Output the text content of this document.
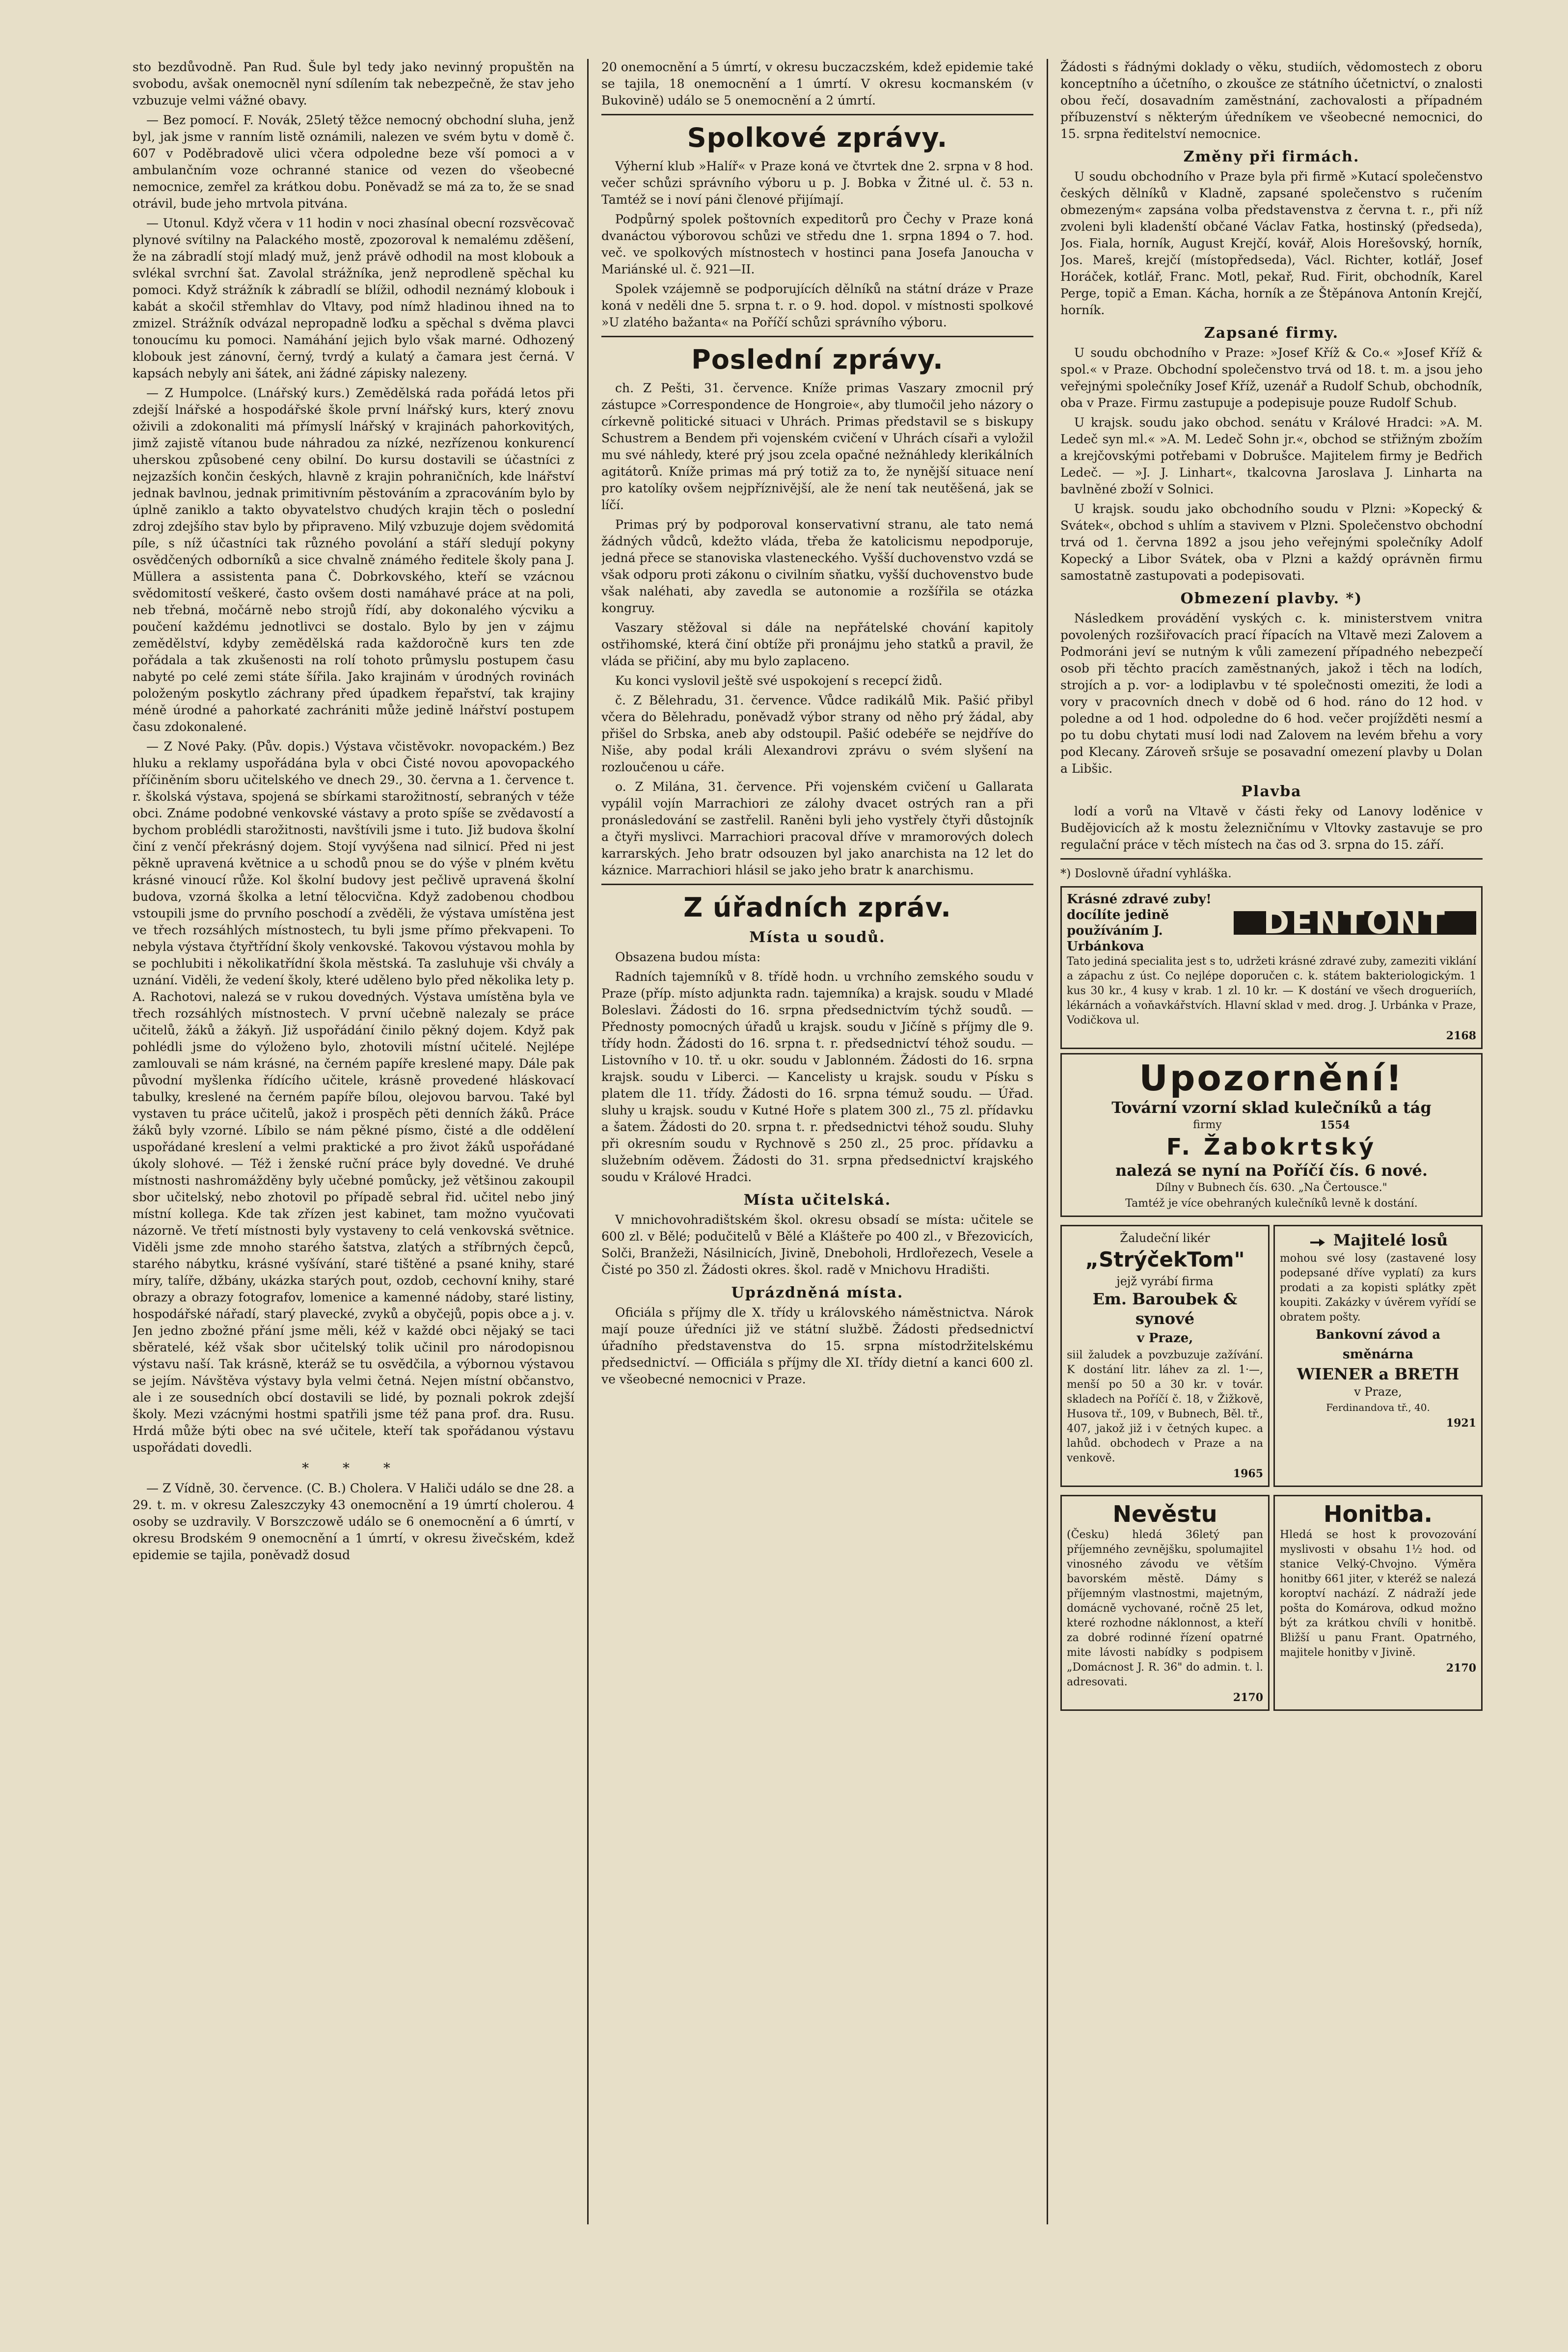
sto bezdůvodně. Pan Rud. Šule byl tedy jako nevinný propuštěn na svobodu, avšak onemocněl nyní sdílením tak nebezpečně, že stav jeho vzbuzuje velmi vážné obavy.

— Bez pomocí. F. Novák, 25letý těžce nemocný obchodní sluha, jenž byl, jak jsme v ranním listě oznámili, nalezen ve svém bytu v domě č. 607 v Poděbradově ulici včera odpoledne beze vší pomoci a v ambulančním voze ochranné stanice od vezen do všeobecné nemocnice, zemřel za krátkou dobu. Poněvadž se má za to, že se snad otrávil, bude jeho mrtvola pitvána.

— Utonul. Když včera v 11 hodin v noci zhasínal obecní rozsvěcovač plynové svítilny na Palackého mostě, zpozoroval k nemalému zděšení, že na zábradlí stojí mladý muž, jenž právě odhodil na most klobouk a svlékal svrchní šat. Zavolal strážníka, jenž neprodleně spěchal ku pomoci. Když strážník k zábradlí se blížil, odhodil neznámý klobouk i kabát a skočil střemhlav do Vltavy, pod nímž hladinou ihned na to zmizel. Strážník odvázal nepropadně loďku a spěchal s dvěma plavci tonoucímu ku pomoci. Namáhání jejich bylo však marné. Odhozený klobouk jest zánovní, černý, tvrdý a kulatý a čamara jest černá. V kapsách nebyly ani šátek, ani žádné zápisky nalezeny.

— Z Humpolce. (Lnářský kurs.) Zemědělská rada pořádá letos při zdejší lnářské a hospodářské škole první lnářský kurs, který znovu oživili a zdokonaliti má přímyslí lnářský v krajinách pahorkovitých, jimž zajistě vítanou bude náhradou za nízké, nezřízenou konkurencí uherskou způsobené ceny obilní. Do kursu dostavili se účastníci z nejzazších končin českých, hlavně z krajin pohraničních, kde lnářství jednak bavlnou, jednak primitivním pěstováním a zpracováním bylo by úplně zaniklo a takto obyvatelstvo chudých krajin těch o poslední zdroj zdejšího stav bylo by připraveno. Milý vzbuzuje dojem svědomitá píle, s níž účastníci tak různého povolání a stáří sledují pokyny osvědčených odborníků a sice chvalně známého ředitele školy pana J. Müllera a assistenta pana Č. Dobrkovského, kteří se vzácnou svědomitostí veškeré, často ovšem dosti namáhavé práce at na poli, neb třebná, močárně nebo strojů řídí, aby dokonalého výcviku a poučení každému jednotlivci se dostalo. Bylo by jen v zájmu zemědělství, kdyby zemědělská rada každoročně kurs ten zde pořádala a tak zkušenosti na rolí tohoto průmyslu postupem času nabyté po celé zemi státe šířila. Jako krajinám v úrodných rovinách položeným poskytlo záchrany před úpadkem řepařství, tak krajiny méně úrodné a pahorkaté zachrániti může jedině lnářství postupem času zdokonalené.

— Z Nové Paky. (Pův. dopis.) Výstava včistěvokr. novopackém.) Bez hluku a reklamy uspořádána byla v obci Čisté novou apovopackého příčiněním sboru učitelského ve dnech 29., 30. června a 1. července t. r. školská výstava, spojená se sbírkami starožitností, sebraných v téže obci. Známe podobné venkovské vástavy a proto spíše se zvědavostí a bychom problédli starožitnosti, navštívili jsme i tuto. Již budova školní činí z venčí překrásný dojem. Stojí vyvýšena nad silnicí. Před ni jest pěkně upravená květnice a u schodů pnou se do výše v plném květu krásné vinoucí růže. Kol školní budovy jest pečlivě upravená školní budova, vzorná školka a letní tělocvična. Když zadobenou chodbou vstoupili jsme do prvního poschodí a zvěděli, že výstava umístěna jest ve třech rozsáhlých místnostech, tu byli jsme přímo překvapeni. To nebyla výstava čtyřtřídní školy venkovské. Takovou výstavou mohla by se pochlubiti i několikatřídní škola městská. Ta zasluhuje vši chvály a uznání. Viděli, že vedení školy, které uděleno bylo před několika lety p. A. Rachotovi, nalezá se v rukou dovedných. Výstava umístěna byla ve třech rozsáhlých místnostech. V první učebně nalezaly se práce učitelů, žáků a žákyň. Již uspořádání činilo pěkný dojem. Když pak pohlédli jsme do výloženo bylo, zhotovili místní učitelé. Nejlépe zamlouvali se nám krásné, na černém papíře kreslené mapy. Dále pak původní myšlenka řídícího učitele, krásně provedené hláskovací tabulky, kreslené na černém papíře bílou, olejovou barvou. Také byl vystaven tu práce učitelů, jakož i prospěch pěti denních žáků. Práce žáků byly vzorné. Líbilo se nám pěkné písmo, čisté a dle oddělení uspořádané kreslení a velmi praktické a pro život žáků uspořádané úkoly slohové. — Též i ženské ruční práce byly dovedné. Ve druhé místnosti nashromážděny byly učebné pomůcky, jež většinou zakoupil sbor učitelský, nebo zhotovil po případě sebral řid. učitel nebo jiný místní kollega. Kde tak zřízen jest kabinet, tam možno vyučovati názorně. Ve třetí místnosti byly vystaveny to celá venkovská světnice. Viděli jsme zde mnoho starého šatstva, zlatých a stříbrných čepců, starého nábytku, krásné vyšívání, staré tištěné a psané knihy, staré míry, talíře, džbány, ukázka starých pout, ozdob, cechovní knihy, staré obrazy a obrazy fotografov, lomenice a kamenné nádoby, staré listiny, hospodářské nářadí, starý plavecké, zvyků a obyčejů, popis obce a j. v. Jen jedno zbožné přání jsme měli, kéž v každé obci nějaký se taci sběratelé, kéž však sbor učitelský tolik učinil pro národopisnou výstavu naší. Tak krásně, kteráž se tu osvědčila, a výbornou výstavou se jejím. Návštěva výstavy byla velmi četná. Nejen místní občanstvo, ale i ze sousedních obcí dostavili se lidé, by poznali pokrok zdejší školy. Mezi vzácnými hostmi spatřili jsme též pana prof. dra. Rusu. Hrdá může býti obec na své učitele, kteří tak spořádanou výstavu uspořádati dovedli.

* * *

— Z Vídně, 30. července. (C. B.) Cholera. V Haliči událo se dne 28. a 29. t. m. v okresu Zaleszczyky 43 onemocnění a 19 úmrtí cholerou. 4 osoby se uzdravily. V Borszczowě událo se 6 onemocnění a 6 úmrtí, v okresu Brodském 9 onemocnění a 1 úmrtí, v okresu živečském, kdež epidemie se tajila, poněvadž dosud

20 onemocnění a 5 úmrtí, v okresu buczaczském, kdež epidemie také se tajila, 18 onemocnění a 1 úmrtí. V okresu kocmanském (v Bukovině) událo se 5 onemocnění a 2 úmrtí.

Spolkové zprávy.

Výherní klub »Halíř« v Praze koná ve čtvrtek dne 2. srpna v 8 hod. večer schůzi správního výboru u p. J. Bobka v Žitné ul. č. 53 n. Tamtéž se i noví páni členové přijímají.

Podpůrný spolek poštovních expeditorů pro Čechy v Praze koná dvanáctou výborovou schůzi ve středu dne 1. srpna 1894 o 7. hod. več. ve spolkových místnostech v hostinci pana Josefa Janoucha v Mariánské ul. č. 921—II.

Spolek vzájemně se podporujících dělníků na státní dráze v Praze koná v neděli dne 5. srpna t. r. o 9. hod. dopol. v místnosti spolkové »U zlatého bažanta« na Poříčí schůzi správního výboru.

Poslední zprávy.

ch. Z Pešti, 31. července. Kníže primas Vaszary zmocnil prý zástupce »Correspondence de Hongroie«, aby tlumočil jeho názory o církevně politické situaci v Uhrách. Primas představil se s biskupy Schustrem a Bendem při vojenském cvičení v Uhrách císaři a vyložil mu své náhledy, které prý jsou zcela opačné nežnáhledy klerikálních agitátorů. Kníže primas má prý totiž za to, že nynější situace není pro katolíky ovšem nejpříznivější, ale že není tak neutěšená, jak se líčí.

Primas prý by podporoval konservativní stranu, ale tato nemá žádných vůdců, kdežto vláda, třeba že katolicismu nepodporuje, jedná přece se stanoviska vlasteneckého. Vyšší duchovenstvo vzdá se však odporu proti zákonu o civilním sňatku, vyšší duchovenstvo bude však naléhati, aby zavedla se autonomie a rozšířila se otázka kongruy.

Vaszary stěžoval si dále na nepřátelské chování kapitoly ostřihomské, která činí obtíže při pronájmu jeho statků a pravil, že vláda se přičiní, aby mu bylo zaplaceno.

Ku konci vyslovil ještě své uspokojení s recepcí židů.

č. Z Bělehradu, 31. července. Vůdce radikálů Mik. Pašić přibyl včera do Bělehradu, poněvadž výbor strany od něho prý žádal, aby přišel do Srbska, aneb aby odstoupil. Pašić odebéře se nejdříve do Niše, aby podal králi Alexandrovi zprávu o svém slyšení na rozloučenou u cáře.

o. Z Milána, 31. července. Při vojenském cvičení u Gallarata vypálil vojín Marrachiori ze zálohy dvacet ostrých ran a při pronásledování se zastřelil. Raněni byli jeho vystřely čtyři důstojník a čtyři myslivci. Marrachiori pracoval dříve v mramorových dolech karrarských. Jeho bratr odsouzen byl jako anarchista na 12 let do káznice. Marrachiori hlásil se jako jeho bratr k anarchismu.

Z úřadních zpráv.
Místa u soudů.

Obsazena budou místa:

Radních tajemníků v 8. třídě hodn. u vrchního zemského soudu v Praze (příp. místo adjunkta radn. tajemníka) a krajsk. soudu v Mladé Boleslavi. Žádosti do 16. srpna předsednictvím týchž soudů. — Přednosty pomocných úřadů u krajsk. soudu v Jičíně s příjmy dle 9. třídy hodn. Žádosti do 16. srpna t. r. předsednictví téhož soudu. — Listovního v 10. tř. u okr. soudu v Jablonném. Žádosti do 16. srpna krajsk. soudu v Liberci. — Kancelisty u krajsk. soudu v Písku s platem dle 11. třídy. Žádosti do 16. srpna témuž soudu. — Úřad. sluhy u krajsk. soudu v Kutné Hoře s platem 300 zl., 75 zl. přídavku a šatem. Žádosti do 20. srpna t. r. předsednictvi téhož soudu. Sluhy při okresním soudu v Rychnově s 250 zl., 25 proc. přídavku a služebním oděvem. Žádosti do 31. srpna předsednictví krajského soudu v Králové Hradci.

Místa učitelská.

V mnichovohradištském škol. okresu obsadí se místa: učitele se 600 zl. v Bělé; podučitelů v Bělé a Klášteře po 400 zl., v Březovicích, Solči, Branžeži, Násilnicích, Jivině, Dneboholi, Hrdlořezech, Vesele a Čisté po 350 zl. Žádosti okres. škol. radě v Mnichovu Hradišti.

Uprázdněná místa.

Oficiála s příjmy dle X. třídy u královského náměstnictva. Nárok mají pouze úředníci již ve státní službě. Žádosti předsednictví úřadního představenstva do 15. srpna místodržitelskému předsednictví. — Officiála s příjmy dle XI. třídy dietní a kanci 600 zl. ve všeobecné nemocnici v Praze.

Žádosti s řádnými doklady o věku, studiích, vědomostech z oboru konceptního a účetního, o zkoušce ze státního účetnictví, o znalosti obou řečí, dosavadním zaměstnání, zachovalosti a případném příbuzenství s některým úředníkem ve všeobecné nemocnici, do 15. srpna ředitelství nemocnice.

Změny při firmách.

U soudu obchodního v Praze byla při firmě »Kutací společenstvo českých dělníků v Kladně, zapsané společenstvo s ručením obmezeným« zapsána volba představenstva z června t. r., při níž zvoleni byli kladenští občané Václav Fatka, hostinský (předseda), Jos. Fiala, horník, August Krejčí, kovář, Alois Horešovský, horník, Jos. Mareš, krejčí (místopředseda), Václ. Richter, kotlář, Josef Horáček, kotlář, Franc. Motl, pekař, Rud. Firit, obchodník, Karel Perge, topič a Eman. Kácha, horník a ze Štěpánova Antonín Krejčí, horník.

Zapsané firmy.

U soudu obchodního v Praze: »Josef Kříž & Co.« »Josef Kříž & spol.« v Praze. Obchodní společenstvo trvá od 18. t. m. a jsou jeho veřejnými společníky Josef Kříž, uzenář a Rudolf Schub, obchodník, oba v Praze. Firmu zastupuje a podepisuje pouze Rudolf Schub.

U krajsk. soudu jako obchod. senátu v Králové Hradci: »A. M. Ledeč syn ml.« »A. M. Ledeč Sohn jr.«, obchod se střižným zbožím a krejčovskými potřebami v Dobrušce. Majitelem firmy je Bedřich Ledeč. — »J. J. Linhart«, tkalcovna Jaroslava J. Linharta na bavlněné zboží v Solnici.

U krajsk. soudu jako obchodního soudu v Plzni: »Kopecký & Svátek«, obchod s uhlím a stavivem v Plzni. Společenstvo obchodní trvá od 1. června 1892 a jsou jeho veřejnými společníky Adolf Kopecký a Libor Svátek, oba v Plzni a každý oprávněn firmu samostatně zastupovati a podepisovati.

Obmezení plavby. *)

Následkem provádění vyských c. k. ministerstvem vnitra povolených rozšiřovacích prací řípacích na Vltavě mezi Zalovem a Podmoráni jeví se nutným k vůli zamezení případného nebezpečí osob při těchto pracích zaměstnaných, jakož i těch na lodích, strojích a p. vor- a lodiplavbu v té společnosti omeziti, že lodi a vory v pracovních dnech v době od 6 hod. ráno do 12 hod. v poledne a od 1 hod. odpoledne do 6 hod. večer projížděti nesmí a po tu dobu chytati musí lodi nad Zalovem na levém břehu a vory pod Klecany. Zároveň sršuje se posavadní omezení plavby u Dolan a Libšic.

Plavba

lodí a vorů na Vltavě v části řeky od Lanovy loděnice v Budějovicích až k mostu železničnímu v Vltovky zastavuje se pro regulační práce v těch místech na čas od 3. srpna do 15. září.

*) Doslovně úřadní vyhláška.
Krásné zdravé zuby! docílíte jedině používáním J. Urbánkova
DENTONT
Tato jediná specialita jest s to, udržeti krásné zdravé zuby, zameziti viklání a zápachu z úst. Co nejlépe doporučen c. k. státem bakteriologickým. 1 kus 30 kr., 4 kusy v krab. 1 zl. 10 kr. — K dostání ve všech drogueriích, lékárnách a voňavkářstvích. Hlavní sklad v med. drog. J. Urbánka v Praze, Vodičkova ul.
2168
Upozornění!
Tovární vzorní sklad kulečníků a tág
firmy	1554
F. Žabokrtský
nalezá se nyní na Poříčí čís. 6 nové.
Dílny v Bubnech čís. 630. „Na Čertousce."
Tamtéž je více obehraných kulečníků levně k dostání.
Žaludeční likér
„StrýčekTom"
jejž vyrábí firma
Em. Baroubek & synové
v Praze,
siil žaludek a povzbuzuje zažívání. K dostání litr. láhev za zl. 1·—, menší po 50 a 30 kr. v továr. skladech na Poříčí č. 18, v Žižkově, Husova tř., 109, v Bubnech, Běl. tř., 407, jakož již i v četných kupec. a lahůd. obchodech v Praze a na venkově.
1965
Majitelé losů
mohou své losy (zastavené losy podepsané dříve vyplatí) za kurs prodati a za kopisti splátky zpět koupiti. Zakázky v úvěrem vyřídí se obratem pošty.
Bankovní závod a směnárna
WIENER a BRETH
v Praze,
Ferdinandova tř., 40.
1921
Nevěstu
(Česku) hledá 36letý pan příjemného zevnějšku, spolumajitel vinosného závodu ve větším bavorském městě. Dámy s příjemným vlastnostmi, majetným, domácně vychované, ročně 25 let, které rozhodne náklonnost, a kteří za dobré rodinné řízení opatrné mite lávosti nabídky s podpisem „Domácnost J. R. 36" do admin. t. l. adresovati.
2170
Honitba.
Hledá se host k provozování myslivosti v obsahu 1½ hod. od stanice Velký-Chvojno. Výměra honitby 661 jiter, v kteréž se nalezá koroptví nachází. Z nádraží jede pošta do Komárova, odkud možno být za krátkou chvíli v honitbě. Bližší u panu Frant. Opatrného, majitele honitby v Jivině.
2170
